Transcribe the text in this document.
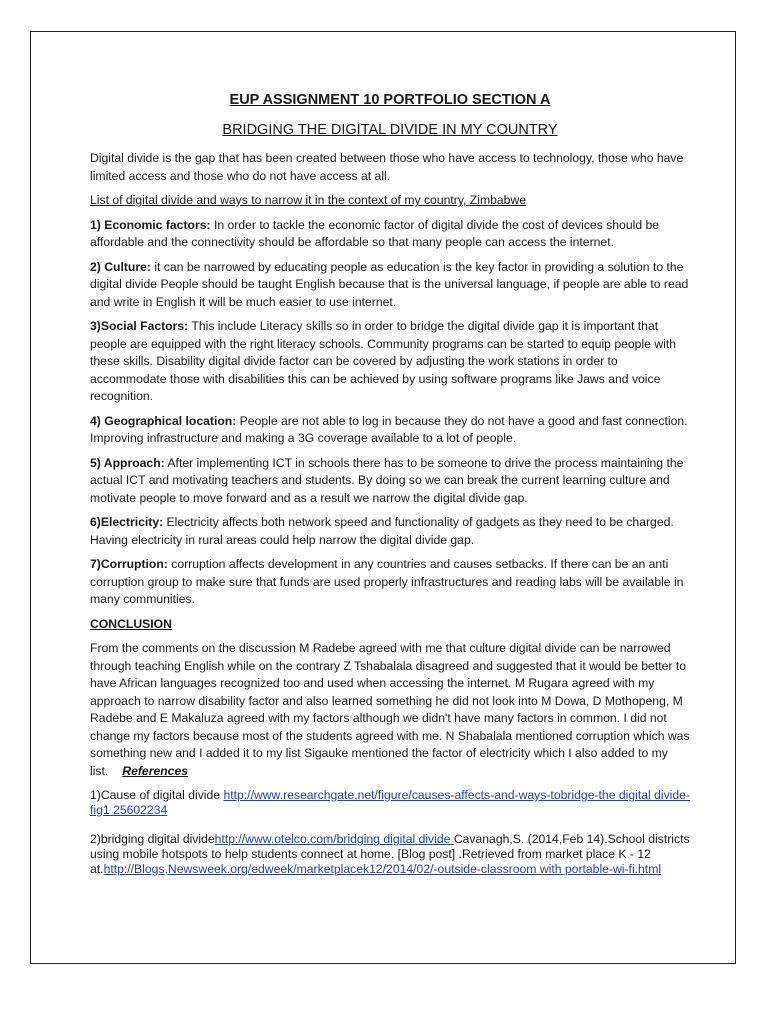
EUP ASSIGNMENT 10 PORTFOLIO SECTION A
BRIDGING THE DIGITAL DIVIDE IN MY COUNTRY

Digital divide is the gap that has been created between those who have access to technology, those who have limited access and those who do not have access at all.

List of digital divide and ways to narrow it in the context of my country, Zimbabwe

1) Economic factors: In order to tackle the economic factor of digital divide the cost of devices should be affordable and the connectivity should be affordable so that many people can access the internet.

2) Culture: it can be narrowed by educating people as education is the key factor in providing a solution to the digital divide People should be taught English because that is the universal language, if people are able to read and write in English it will be much easier to use internet.

3)Social Factors: This include Literacy skills so in order to bridge the digital divide gap it is important that people are equipped with the right literacy schools. Community programs can be started to equip people with these skills. Disability digital divide factor can be covered by adjusting the work stations in order to accommodate those with disabilities this can be achieved by using software programs like Jaws and voice recognition.

4) Geographical location: People are not able to log in because they do not have a good and fast connection. Improving infrastructure and making a 3G coverage available to a lot of people.

5) Approach: After implementing ICT in schools there has to be someone to drive the process maintaining the actual ICT and motivating teachers and students. By doing so we can break the current learning culture and motivate people to move forward and as a result we narrow the digital divide gap.

6)Electricity: Electricity affects both network speed and functionality of gadgets as they need to be charged. Having electricity in rural areas could help narrow the digital divide gap.

7)Corruption: corruption affects development in any countries and causes setbacks. If there can be an anti corruption group to make sure that funds are used properly infrastructures and reading labs will be available in many communities.

CONCLUSION

From the comments on the discussion M Radebe agreed with me that culture digital divide can be narrowed through teaching English while on the contrary Z Tshabalala disagreed and suggested that it would be better to have African languages recognized too and used when accessing the internet. M Rugara agreed with my approach to narrow disability factor and also learned something he did not look into M Dowa, D Mothopeng, M Radebe and E Makaluza agreed with my factors although we didn't have many factors in common. I did not change my factors because most of the students agreed with me. N Shabalala mentioned corruption which was something new and I added it to my list Sigauke mentioned the factor of electricity which I also added to my list. References

1)Cause of digital divide http://www.researchgate.net/figure/causes-affects-and-ways-tobridge-the digital divide-fig1 25602234
2)bridging digital dividehttp://www.otelco.com/bridging digital divide Cavanagh,S. (2014,Feb 14).School districts using mobile hotspots to help students connect at home. [Blog post] .Retrieved from market place K - 12 at.http://Blogs,Newsweek.org/edweek/marketplacek12/2014/02/-outside-classroom with portable-wi-fi.html
